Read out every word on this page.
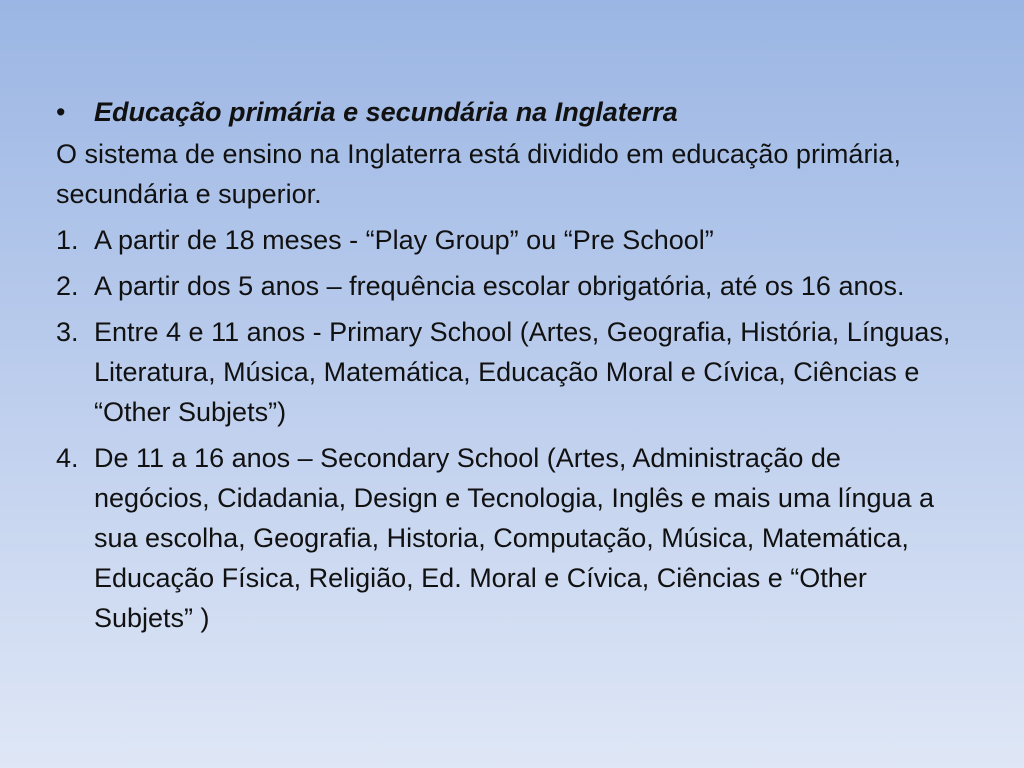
•	Educação primária e secundária na Inglaterra

O sistema de ensino na Inglaterra está dividido em educação primária, secundária e superior.

1. A partir de 18 meses - “Play Group” ou “Pre School”
2. A partir dos 5 anos – frequência escolar obrigatória, até os 16 anos.
3. Entre 4 e 11 anos - Primary School (Artes, Geografia, História, Línguas, Literatura, Música, Matemática, Educação Moral e Cívica, Ciências e “Other Subjets”)
4. De 11 a 16 anos – Secondary School (Artes, Administração de negócios, Cidadania, Design e Tecnologia, Inglês e mais uma língua a sua escolha, Geografia, Historia, Computação, Música, Matemática, Educação Física, Religião, Ed. Moral e Cívica, Ciências e “Other Subjets” )
